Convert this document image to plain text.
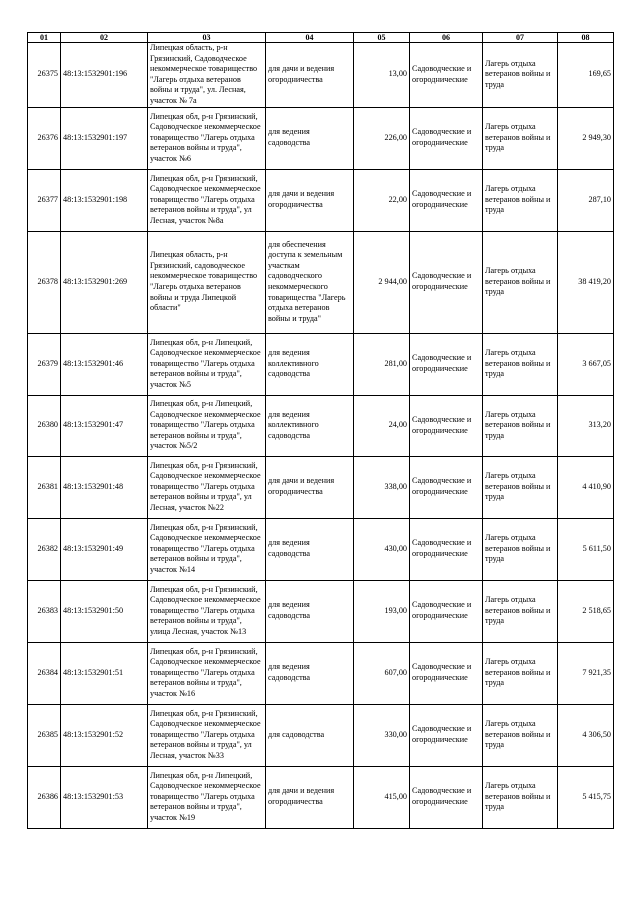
01	02	03	04	05	06	07	08

26375	48:13:1532901:196	Липецкая область, р-н Грязинский, Садоводческое некоммерческое товарищество "Лагерь отдыха ветеранов войны и труда", ул. Лесная, участок № 7а	для дачи и ведения огородничества	13,00	Садоводческие и огороднические	Лагерь отдыха ветеранов войны и труда	169,65

26376	48:13:1532901:197	Липецкая обл, р-н Грязинский, Садоводческое некоммерческое товарищество "Лагерь отдыха ветеранов войны и труда", участок №6	для ведения садоводства	226,00	Садоводческие и огороднические	Лагерь отдыха ветеранов войны и труда	2 949,30

26377	48:13:1532901:198	Липецкая обл, р-н Грязинский, Садоводческое некоммерческое товарищество "Лагерь отдыха ветеранов войны и труда", ул Лесная, участок №8а	для дачи и ведения огородничества	22,00	Садоводческие и огороднические	Лагерь отдыха ветеранов войны и труда	287,10

26378	48:13:1532901:269	Липецкая область, р-н Грязинский, садоводческое некоммерческое товарищество "Лагерь отдыха ветеранов войны и труда Липецкой области"	для обеспечения доступа к земельным участкам садоводческого некоммерческого товарищества "Лагерь отдыха ветеранов войны и труда"	2 944,00	Садоводческие и огороднические	Лагерь отдыха ветеранов войны и труда	38 419,20

26379	48:13:1532901:46	Липецкая обл, р-н Липецкий, Садоводческое некоммерческое товарищество "Лагерь отдыха ветеранов войны и труда", участок №5	для ведения коллективного садоводства	281,00	Садоводческие и огороднические	Лагерь отдыха ветеранов войны и труда	3 667,05

26380	48:13:1532901:47	Липецкая обл, р-н Липецкий, Садоводческое некоммерческое товарищество "Лагерь отдыха ветеранов войны и труда", участок №5/2	для ведения коллективного садоводства	24,00	Садоводческие и огороднические	Лагерь отдыха ветеранов войны и труда	313,20

26381	48:13:1532901:48	Липецкая обл, р-н Грязинский, Садоводческое некоммерческое товарищество "Лагерь отдыха ветеранов войны и труда", ул Лесная, участок №22	для дачи и ведения огородничества	338,00	Садоводческие и огороднические	Лагерь отдыха ветеранов войны и труда	4 410,90

26382	48:13:1532901:49	Липецкая обл, р-н Грязинский, Садоводческое некоммерческое товарищество "Лагерь отдыха ветеранов войны и труда", участок №14	для ведения садоводства	430,00	Садоводческие и огороднические	Лагерь отдыха ветеранов войны и труда	5 611,50

26383	48:13:1532901:50	Липецкая обл, р-н Грязинский, Садоводческое некоммерческое товарищество "Лагерь отдыха ветеранов войны и труда", улица Лесная, участок №13	для ведения садоводства	193,00	Садоводческие и огороднические	Лагерь отдыха ветеранов войны и труда	2 518,65

26384	48:13:1532901:51	Липецкая обл, р-н Грязинский, Садоводческое некоммерческое товарищество "Лагерь отдыха ветеранов войны и труда", участок №16	для ведения садоводства	607,00	Садоводческие и огороднические	Лагерь отдыха ветеранов войны и труда	7 921,35

26385	48:13:1532901:52	Липецкая обл, р-н Грязинский, Садоводческое некоммерческое товарищество "Лагерь отдыха ветеранов войны и труда", ул Лесная, участок №33	для садоводства	330,00	Садоводческие и огороднические	Лагерь отдыха ветеранов войны и труда	4 306,50

26386	48:13:1532901:53	Липецкая обл, р-н Липецкий, Садоводческое некоммерческое товарищество "Лагерь отдыха ветеранов войны и труда", участок №19	для дачи и ведения огородничества	415,00	Садоводческие и огороднические	Лагерь отдыха ветеранов войны и труда	5 415,75
